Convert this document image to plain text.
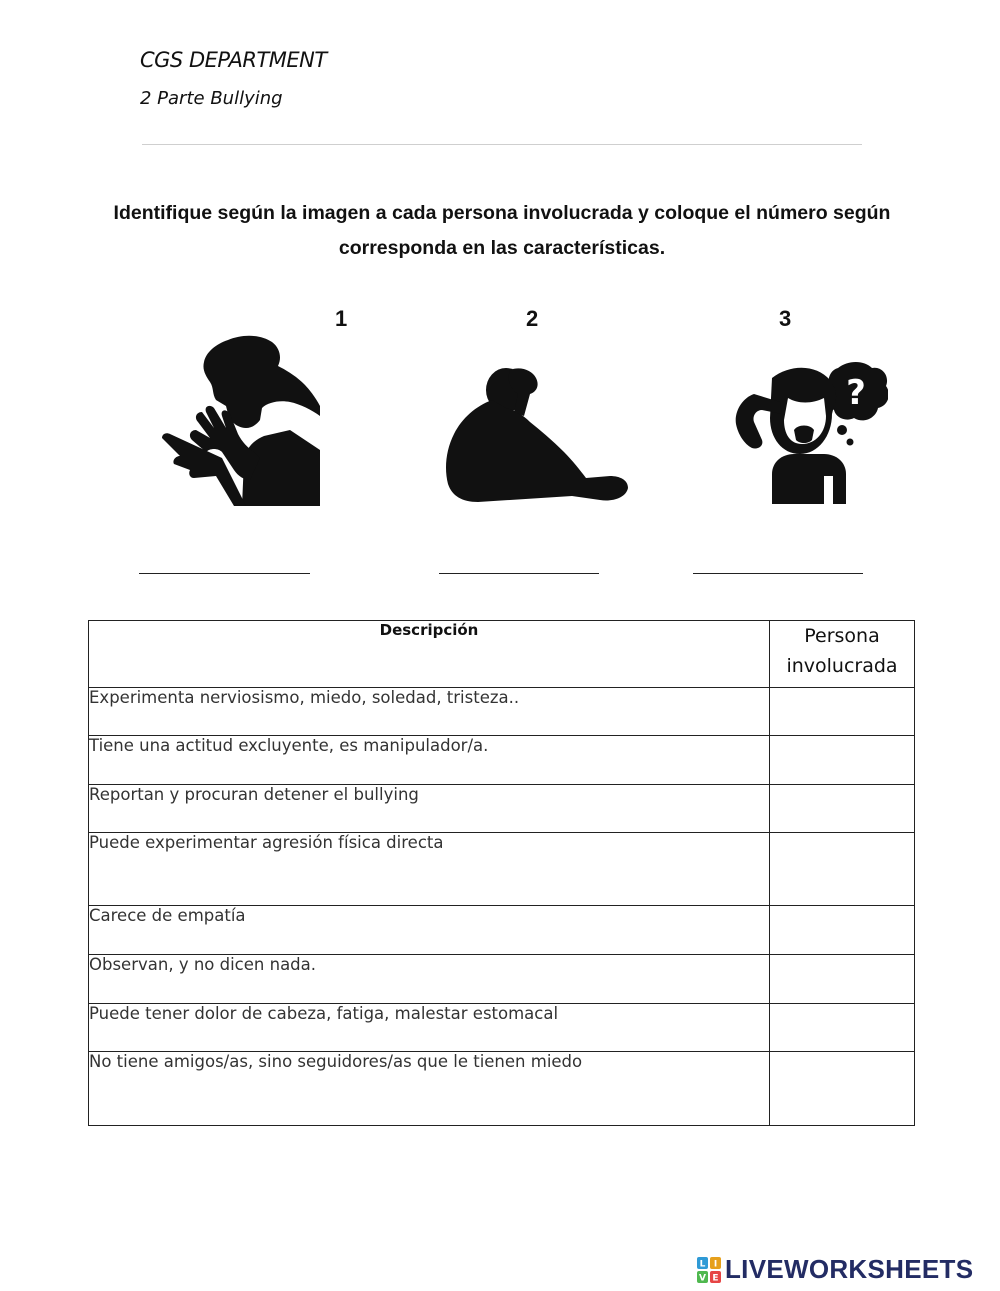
CGS DEPARTMENT
2 Parte Bullying
Identifique según la imagen a cada persona involucrada y coloque el número según corresponda en las características.
1	2	3
?
Descripción	Persona involucrada
Experimenta nerviosismo, miedo, soledad, tristeza..	
Tiene una actitud excluyente, es manipulador/a.	
Reportan y procuran detener el bullying	
Puede experimentar agresión física directa	
Carece de empatía	
Observan, y no dicen nada.	
Puede tener dolor de cabeza, fatiga, malestar estomacal	
No tiene amigos/as, sino seguidores/as que le tienen miedo	
L I
V E LIVEWORKSHEETS
